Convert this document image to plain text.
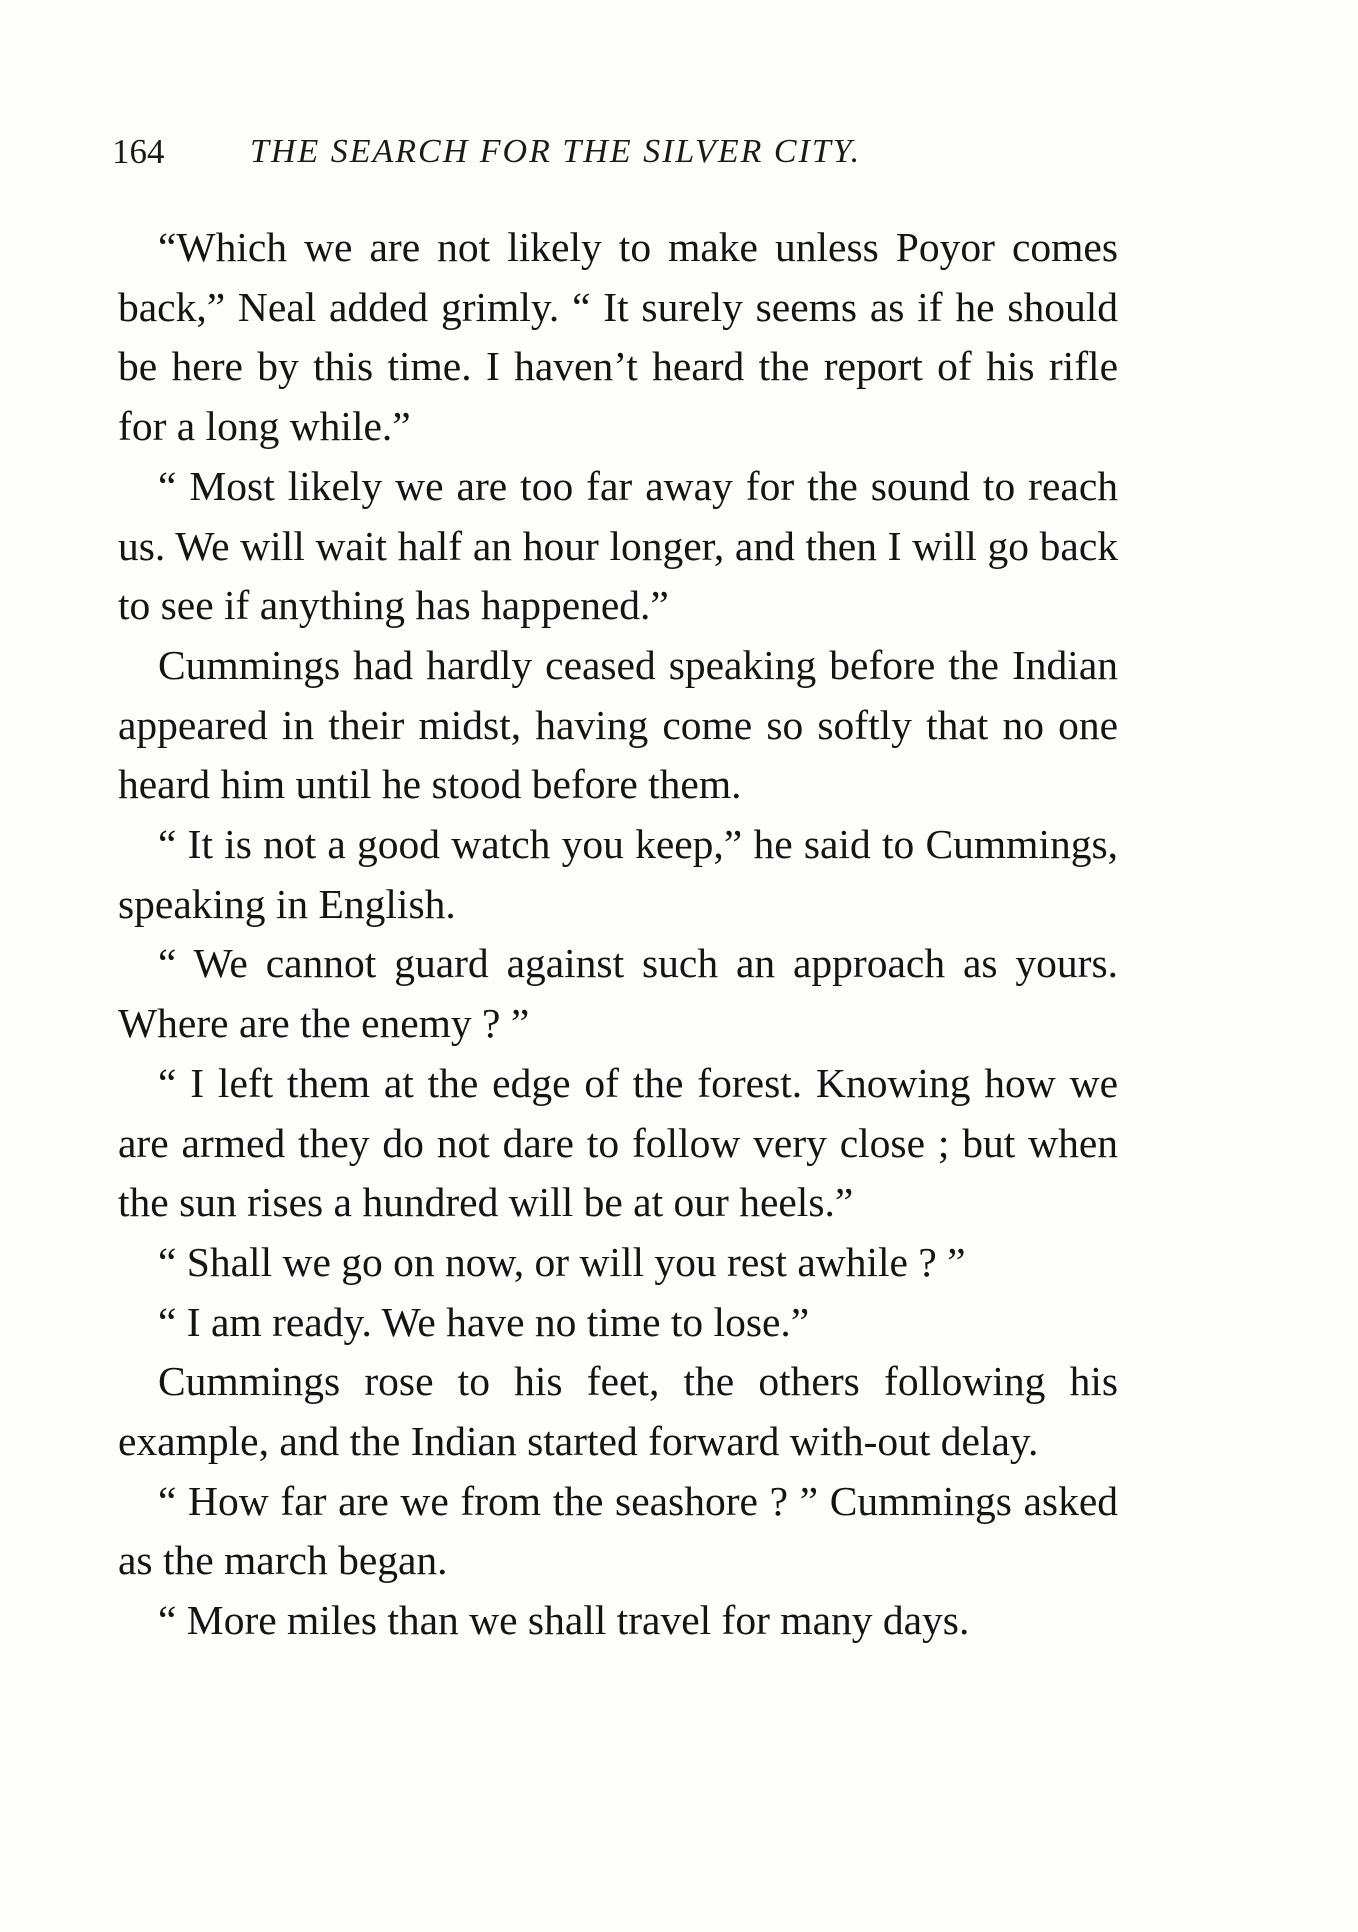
164	THE SEARCH FOR THE SILVER CITY.

“Which we are not likely to make unless Poyor comes back,” Neal added grimly. “ It surely seems as if he should be here by this time. I haven’t heard the report of his rifle for a long while.”

“ Most likely we are too far away for the sound to reach us. We will wait half an hour longer, and then I will go back to see if anything has happened.”

Cummings had hardly ceased speaking before the Indian appeared in their midst, having come so softly that no one heard him until he stood before them.

“ It is not a good watch you keep,” he said to Cummings, speaking in English.

“ We cannot guard against such an approach as yours. Where are the enemy ? ”

“ I left them at the edge of the forest. Knowing how we are armed they do not dare to follow very close ; but when the sun rises a hundred will be at our heels.”

“ Shall we go on now, or will you rest awhile ? ”

“ I am ready. We have no time to lose.”

Cummings rose to his feet, the others following his example, and the Indian started forward with-out delay.

“ How far are we from the seashore ? ” Cummings asked as the march began.

“ More miles than we shall travel for many days.
